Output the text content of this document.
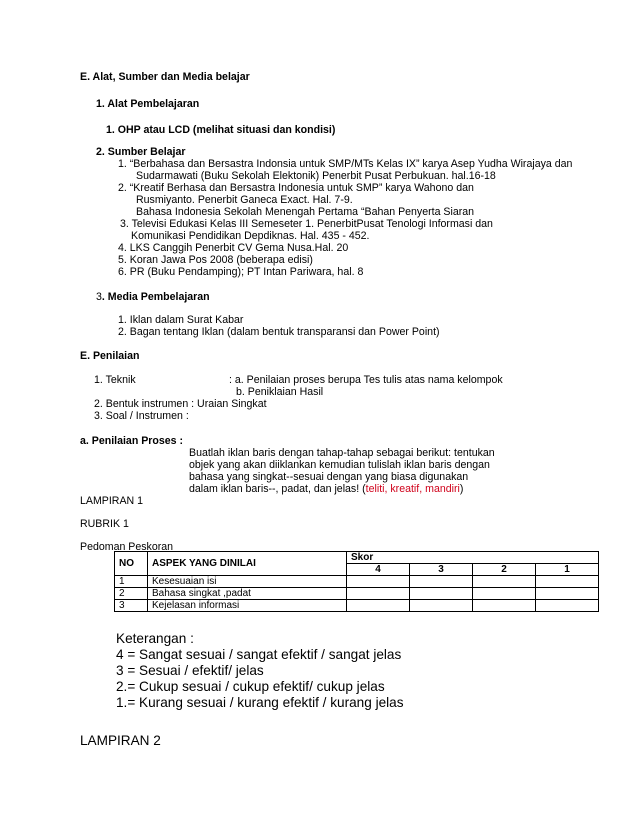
E. Alat, Sumber dan Media belajar
1. Alat Pembelajaran
1. OHP atau LCD (melihat situasi dan kondisi)
2. Sumber Belajar
1. “Berbahasa dan Bersastra Indonsia untuk SMP/MTs Kelas IX” karya Asep Yudha Wirajaya dan
Sudarmawati (Buku Sekolah Elektonik) Penerbit Pusat Perbukuan. hal.16-18
2. “Kreatif Berhasa dan Bersastra Indonesia untuk SMP” karya Wahono dan
Rusmiyanto. Penerbit Ganeca Exact. Hal. 7-9.
Bahasa Indonesia Sekolah Menengah Pertama “Bahan Penyerta Siaran
3. Televisi Edukasi Kelas III Semeseter 1. PenerbitPusat Tenologi Informasi dan
Komunikasi Pendidikan Depdiknas. Hal. 435 - 452.
4. LKS Canggih Penerbit CV Gema Nusa.Hal. 20
5. Koran Jawa Pos 2008 (beberapa edisi)
6. PR (Buku Pendamping); PT Intan Pariwara, hal. 8
3. Media Pembelajaran
1. Iklan dalam Surat Kabar
2. Bagan tentang Iklan (dalam bentuk transparansi dan Power Point)
E. Penilaian
1. Teknik	: a. Penilaian proses berupa Tes tulis atas nama kelompok
b. Peniklaian Hasil
2. Bentuk instrumen : Uraian Singkat
3. Soal / Instrumen :
a. Penilaian Proses :
Buatlah iklan baris dengan tahap-tahap sebagai berikut: tentukan
objek yang akan diiklankan kemudian tulislah iklan baris dengan
bahasa yang singkat--sesuai dengan yang biasa digunakan
dalam iklan baris--, padat, dan jelas! (teliti, kreatif, mandiri)
LAMPIRAN 1
RUBRIK 1
Pedoman Peskoran
NO	ASPEK YANG DINILAI	Skor			
		4	3	2	1
1	Kesesuaian isi				
2	Bahasa singkat ,padat				
3	Kejelasan informasi				
Keterangan :
4 = Sangat sesuai / sangat efektif / sangat jelas
3 = Sesuai / efektif/ jelas
2.= Cukup sesuai / cukup efektif/ cukup jelas
1.= Kurang sesuai / kurang efektif / kurang jelas
LAMPIRAN 2
